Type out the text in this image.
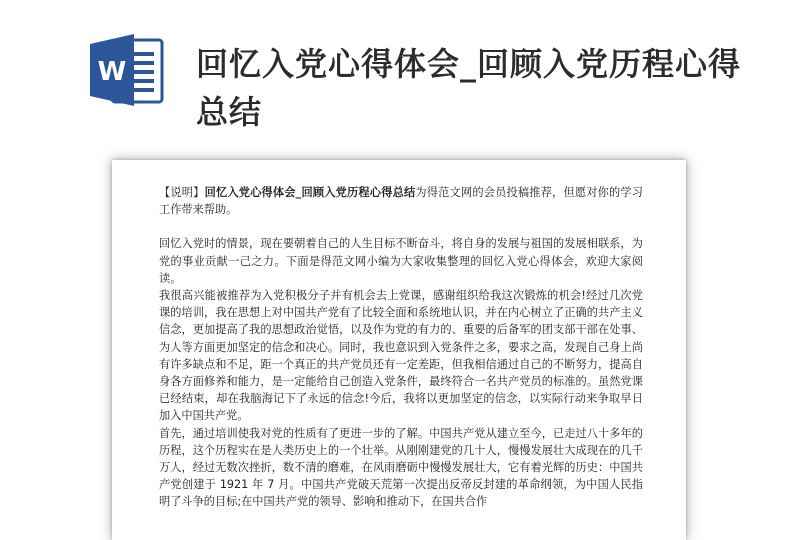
W 回忆入党心得体会_回顾入党历程心得总结

【说明】回忆入党心得体会_回顾入党历程心得总结为得范文网的会员投稿推荐，但愿对你的学习工作带来帮助。

回忆入党时的情景，现在要朝着自己的人生目标不断奋斗，将自身的发展与祖国的发展相联系，为党的事业贡献一己之力。下面是得范文网小编为大家收集整理的回忆入党心得体会，欢迎大家阅读。

我很高兴能被推荐为入党积极分子并有机会去上党课，感谢组织给我这次锻炼的机会!经过几次党课的培训，我在思想上对中国共产党有了比较全面和系统地认识，并在内心树立了正确的共产主义信念，更加提高了我的思想政治觉悟，以及作为党的有力的、重要的后备军的团支部干部在处事、为人等方面更加坚定的信念和决心。同时，我也意识到入党条件之多，要求之高，发现自己身上尚有许多缺点和不足，距一个真正的共产党员还有一定差距，但我相信通过自己的不断努力，提高自身各方面修养和能力，是一定能给自己创造入党条件，最终符合一名共产党员的标准的。虽然党课已经结束，却在我脑海记下了永远的信念!今后，我将以更加坚定的信念，以实际行动来争取早日加入中国共产党。

首先，通过培训使我对党的性质有了更进一步的了解。中国共产党从建立至今，已走过八十多年的历程，这个历程实在是人类历史上的一个壮举。从刚刚建党的几十人，慢慢发展壮大成现在的几千万人，经过无数次挫折，数不清的磨难，在风雨磨砺中慢慢发展壮大，它有着光辉的历史：中国共产党创建于 1921 年 7 月。中国共产党破天荒第一次提出反帝反封建的革命纲领，为中国人民指明了斗争的目标;在中国共产党的领导、影响和推动下，在国共合作
